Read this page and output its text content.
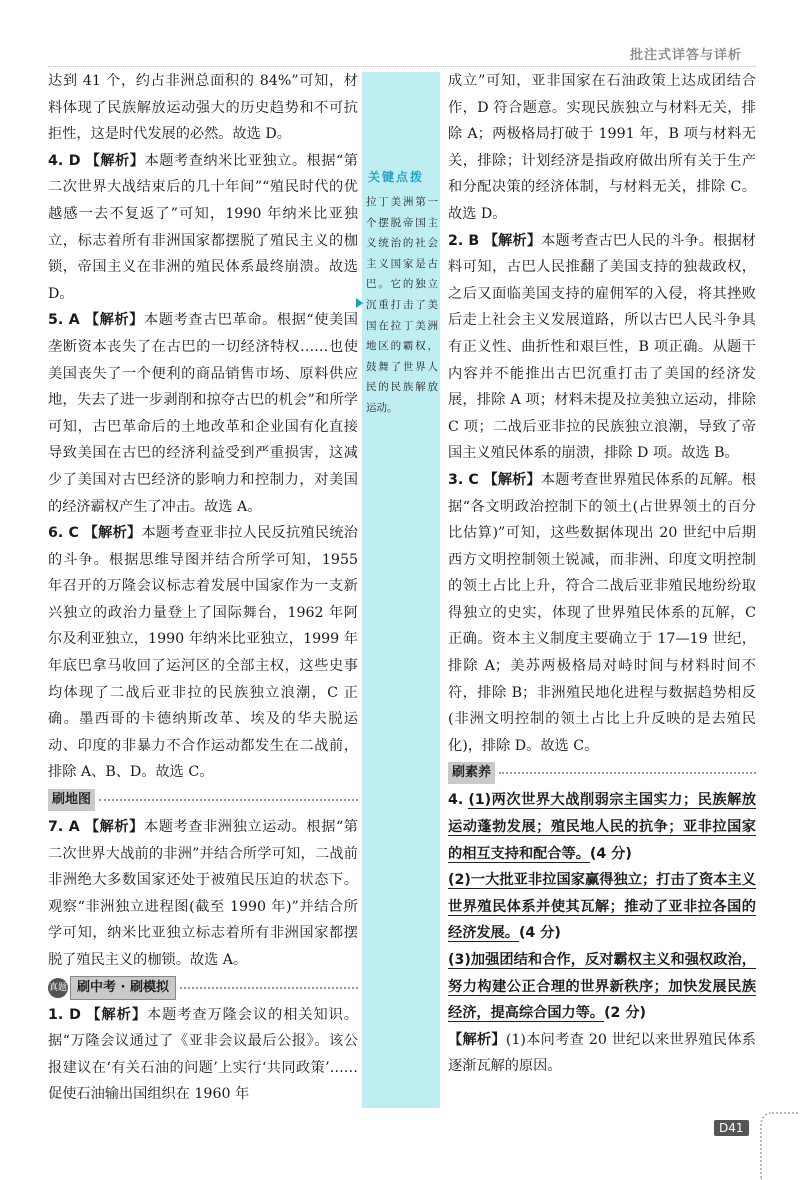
批注式详答与详析

达到 41 个，约占非洲总面积的 84%”可知，材料体现了民族解放运动强大的历史趋势和不可抗拒性，这是时代发展的必然。故选 D。

4. D 【解析】本题考查纳米比亚独立。根据“第二次世界大战结束后的几十年间”“殖民时代的优越感一去不复返了”可知，1990 年纳米比亚独立，标志着所有非洲国家都摆脱了殖民主义的枷锁，帝国主义在非洲的殖民体系最终崩溃。故选 D。

5. A 【解析】本题考查古巴革命。根据“使美国垄断资本丧失了在古巴的一切经济特权……也使美国丧失了一个便利的商品销售市场、原料供应地，失去了进一步剥削和掠夺古巴的机会”和所学可知，古巴革命后的土地改革和企业国有化直接导致美国在古巴的经济利益受到严重损害，这减少了美国对古巴经济的影响力和控制力，对美国的经济霸权产生了冲击。故选 A。

6. C 【解析】本题考查亚非拉人民反抗殖民统治的斗争。根据思维导图并结合所学可知，1955 年召开的万隆会议标志着发展中国家作为一支新兴独立的政治力量登上了国际舞台，1962 年阿尔及利亚独立，1990 年纳米比亚独立，1999 年年底巴拿马收回了运河区的全部主权，这些史事均体现了二战后亚非拉的民族独立浪潮，C 正确。墨西哥的卡德纳斯改革、埃及的华夫脱运动、印度的非暴力不合作运动都发生在二战前，排除 A、B、D。故选 C。

刷地图

7. A 【解析】本题考查非洲独立运动。根据“第二次世界大战前的非洲”并结合所学可知，二战前非洲绝大多数国家还处于被殖民压迫的状态下。观察“非洲独立进程图(截至 1990 年)”并结合所学可知，纳米比亚独立标志着所有非洲国家都摆脱了殖民主义的枷锁。故选 A。

真题 刷中考 · 刷模拟

1. D 【解析】本题考查万隆会议的相关知识。据“万隆会议通过了《亚非会议最后公报》。该公报建议在‘有关石油的问题’上实行‘共同政策’……促使石油输出国组织在 1960 年

关键点拨
拉丁美洲第一个摆脱帝国主义统治的社会主义国家是古巴。它的独立沉重打击了美国在拉丁美洲地区的霸权，鼓舞了世界人民的民族解放运动。

成立”可知，亚非国家在石油政策上达成团结合作，D 符合题意。实现民族独立与材料无关，排除 A；两极格局打破于 1991 年，B 项与材料无关，排除；计划经济是指政府做出所有关于生产和分配决策的经济体制，与材料无关，排除 C。故选 D。

2. B 【解析】本题考查古巴人民的斗争。根据材料可知，古巴人民推翻了美国支持的独裁政权，之后又面临美国支持的雇佣军的入侵，将其挫败后走上社会主义发展道路，所以古巴人民斗争具有正义性、曲折性和艰巨性，B 项正确。从题干内容并不能推出古巴沉重打击了美国的经济发展，排除 A 项；材料未提及拉美独立运动，排除 C 项；二战后亚非拉的民族独立浪潮，导致了帝国主义殖民体系的崩溃，排除 D 项。故选 B。

3. C 【解析】本题考查世界殖民体系的瓦解。根据“各文明政治控制下的领土(占世界领土的百分比估算)”可知，这些数据体现出 20 世纪中后期西方文明控制领土锐减，而非洲、印度文明控制的领土占比上升，符合二战后亚非殖民地纷纷取得独立的史实，体现了世界殖民体系的瓦解，C 正确。资本主义制度主要确立于 17—19 世纪，排除 A；美苏两极格局对峙时间与材料时间不符，排除 B；非洲殖民地化进程与数据趋势相反(非洲文明控制的领土占比上升反映的是去殖民化)，排除 D。故选 C。

刷素养

4. (1)两次世界大战削弱宗主国实力；民族解放运动蓬勃发展；殖民地人民的抗争；亚非拉国家的相互支持和配合等。(4 分)

(2)一大批亚非拉国家赢得独立；打击了资本主义世界殖民体系并使其瓦解；推动了亚非拉各国的经济发展。(4 分)

(3)加强团结和合作，反对霸权主义和强权政治，努力构建公正合理的世界新秩序；加快发展民族经济，提高综合国力等。(2 分)

【解析】(1)本问考查 20 世纪以来世界殖民体系逐渐瓦解的原因。

D41
